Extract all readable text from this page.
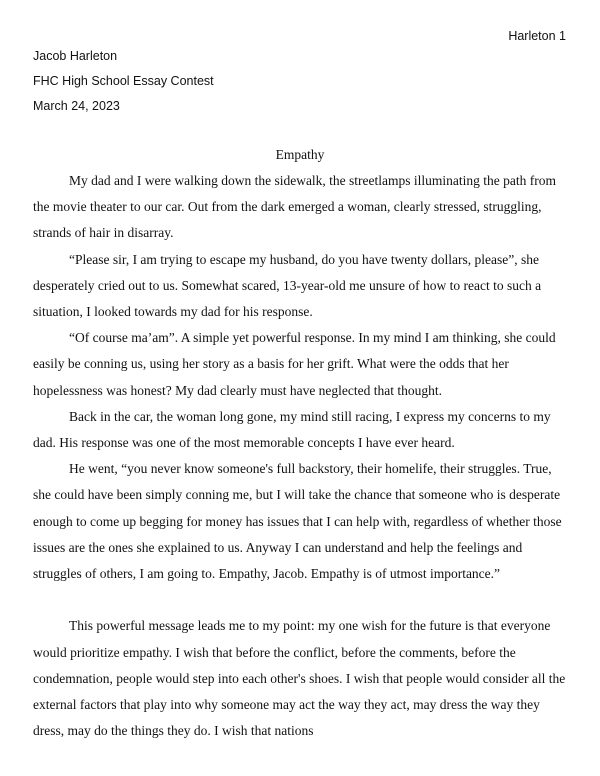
Harleton 1
Jacob Harleton
FHC High School Essay Contest
March 24, 2023
Empathy

My dad and I were walking down the sidewalk, the streetlamps illuminating the path from the movie theater to our car. Out from the dark emerged a woman, clearly stressed, struggling, strands of hair in disarray.

“Please sir, I am trying to escape my husband, do you have twenty dollars, please”, she desperately cried out to us. Somewhat scared, 13-year-old me unsure of how to react to such a situation, I looked towards my dad for his response.

“Of course ma’am”. A simple yet powerful response. In my mind I am thinking, she could easily be conning us, using her story as a basis for her grift. What were the odds that her hopelessness was honest? My dad clearly must have neglected that thought.

Back in the car, the woman long gone, my mind still racing, I express my concerns to my dad. His response was one of the most memorable concepts I have ever heard.

He went, “you never know someone's full backstory, their homelife, their struggles. True, she could have been simply conning me, but I will take the chance that someone who is desperate enough to come up begging for money has issues that I can help with, regardless of whether those issues are the ones she explained to us. Anyway I can understand and help the feelings and struggles of others, I am going to. Empathy, Jacob. Empathy is of utmost importance.”

This powerful message leads me to my point: my one wish for the future is that everyone would prioritize empathy. I wish that before the conflict, before the comments, before the condemnation, people would step into each other's shoes. I wish that people would consider all the external factors that play into why someone may act the way they act, may dress the way they dress, may do the things they do. I wish that nations
